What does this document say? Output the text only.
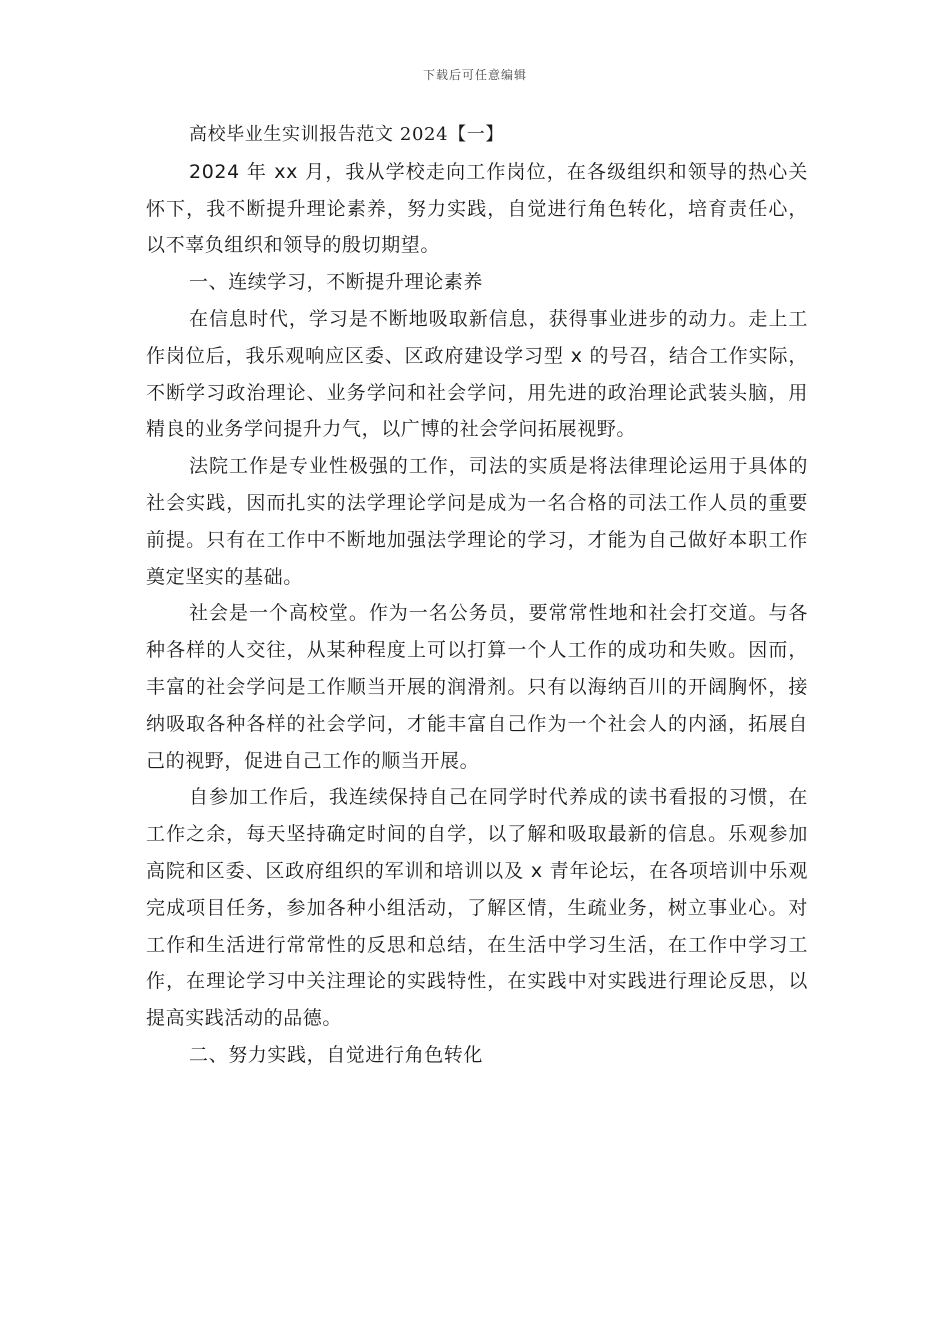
下载后可任意编辑

高校毕业生实训报告范文 2024【一】

2024 年 xx 月，我从学校走向工作岗位，在各级组织和领导的热心关怀下，我不断提升理论素养，努力实践，自觉进行角色转化，培育责任心，以不辜负组织和领导的殷切期望。

一、连续学习，不断提升理论素养

在信息时代，学习是不断地吸取新信息，获得事业进步的动力。走上工作岗位后，我乐观响应区委、区政府建设学习型 x 的号召，结合工作实际，不断学习政治理论、业务学问和社会学问，用先进的政治理论武装头脑，用精良的业务学问提升力气，以广博的社会学问拓展视野。

法院工作是专业性极强的工作，司法的实质是将法律理论运用于具体的社会实践，因而扎实的法学理论学问是成为一名合格的司法工作人员的重要前提。只有在工作中不断地加强法学理论的学习，才能为自己做好本职工作奠定坚实的基础。

社会是一个高校堂。作为一名公务员，要常常性地和社会打交道。与各种各样的人交往，从某种程度上可以打算一个人工作的成功和失败。因而，丰富的社会学问是工作顺当开展的润滑剂。只有以海纳百川的开阔胸怀，接纳吸取各种各样的社会学问，才能丰富自己作为一个社会人的内涵，拓展自己的视野，促进自己工作的顺当开展。

自参加工作后，我连续保持自己在同学时代养成的读书看报的习惯，在工作之余，每天坚持确定时间的自学，以了解和吸取最新的信息。乐观参加高院和区委、区政府组织的军训和培训以及 x 青年论坛，在各项培训中乐观完成项目任务，参加各种小组活动，了解区情，生疏业务，树立事业心。对工作和生活进行常常性的反思和总结，在生活中学习生活，在工作中学习工作，在理论学习中关注理论的实践特性，在实践中对实践进行理论反思，以提高实践活动的品德。

二、努力实践，自觉进行角色转化
